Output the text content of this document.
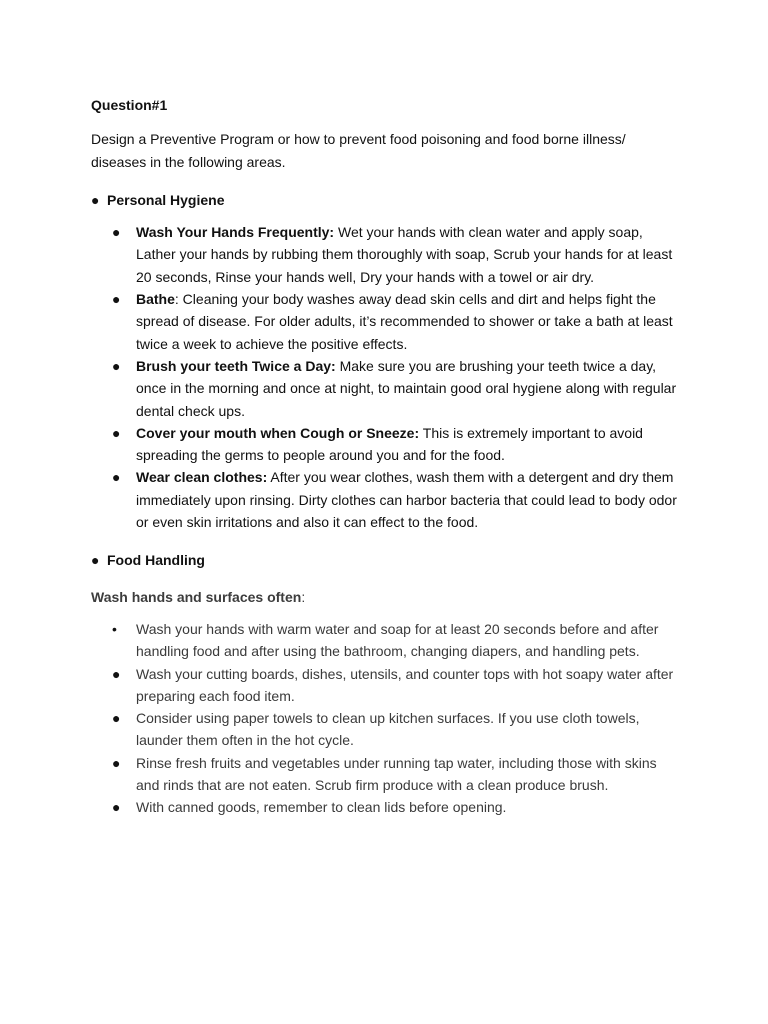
Question#1

Design a Preventive Program or how to prevent food poisoning and food borne illness/ diseases in the following areas.

● Personal Hygiene
● Wash Your Hands Frequently: Wet your hands with clean water and apply soap, Lather your hands by rubbing them thoroughly with soap, Scrub your hands for at least 20 seconds, Rinse your hands well, Dry your hands with a towel or air dry.
● Bathe: Cleaning your body washes away dead skin cells and dirt and helps fight the spread of disease. For older adults, it’s recommended to shower or take a bath at least twice a week to achieve the positive effects.
● Brush your teeth Twice a Day: Make sure you are brushing your teeth twice a day, once in the morning and once at night, to maintain good oral hygiene along with regular dental check ups.
● Cover your mouth when Cough or Sneeze: This is extremely important to avoid spreading the germs to people around you and for the food.
● Wear clean clothes: After you wear clothes, wash them with a detergent and dry them immediately upon rinsing. Dirty clothes can harbor bacteria that could lead to body odor or even skin irritations and also it can effect to the food.
● Food Handling

Wash hands and surfaces often:

• Wash your hands with warm water and soap for at least 20 seconds before and after handling food and after using the bathroom, changing diapers, and handling pets.
● Wash your cutting boards, dishes, utensils, and counter tops with hot soapy water after preparing each food item.
● Consider using paper towels to clean up kitchen surfaces. If you use cloth towels, launder them often in the hot cycle.
● Rinse fresh fruits and vegetables under running tap water, including those with skins and rinds that are not eaten. Scrub firm produce with a clean produce brush.
● With canned goods, remember to clean lids before opening.
